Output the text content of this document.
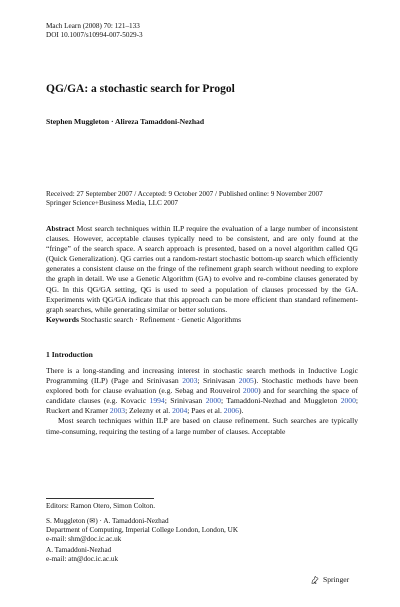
Mach Learn (2008) 70: 121–133
DOI 10.1007/s10994-007-5029-3
QG/GA: a stochastic search for Progol
Stephen Muggleton · Alireza Tamaddoni-Nezhad
Received: 27 September 2007 / Accepted: 9 October 2007 / Published online: 9 November 2007
Springer Science+Business Media, LLC 2007
Abstract Most search techniques within ILP require the evaluation of a large number of inconsistent clauses. However, acceptable clauses typically need to be consistent, and are only found at the “fringe” of the search space. A search approach is presented, based on a novel algorithm called QG (Quick Generalization). QG carries out a random-restart stochastic bottom-up search which efficiently generates a consistent clause on the fringe of the refinement graph search without needing to explore the graph in detail. We use a Genetic Algorithm (GA) to evolve and re-combine clauses generated by QG. In this QG/GA setting, QG is used to seed a population of clauses processed by the GA. Experiments with QG/GA indicate that this approach can be more efficient than standard refinement-graph searches, while generating similar or better solutions.
Keywords Stochastic search · Refinement · Genetic Algorithms
1 Introduction

There is a long-standing and increasing interest in stochastic search methods in Inductive Logic Programming (ILP) (Page and Srinivasan 2003; Srinivasan 2005). Stochastic methods have been explored both for clause evaluation (e.g. Sebag and Rouveirol 2000) and for searching the space of candidate clauses (e.g. Kovacic 1994; Srinivasan 2000; Tamaddoni-Nezhad and Muggleton 2000; Ruckert and Kramer 2003; Zelezny et al. 2004; Paes et al. 2006).

Most search techniques within ILP are based on clause refinement. Such searches are typically time-consuming, requiring the testing of a large number of clauses. Acceptable

Editors: Ramon Otero, Simon Colton.
S. Muggleton (✉) · A. Tamaddoni-Nezhad
Department of Computing, Imperial College London, London, UK
e-mail: shm@doc.ic.ac.uk
A. Tamaddoni-Nezhad
e-mail: atn@doc.ic.ac.uk
Springer
